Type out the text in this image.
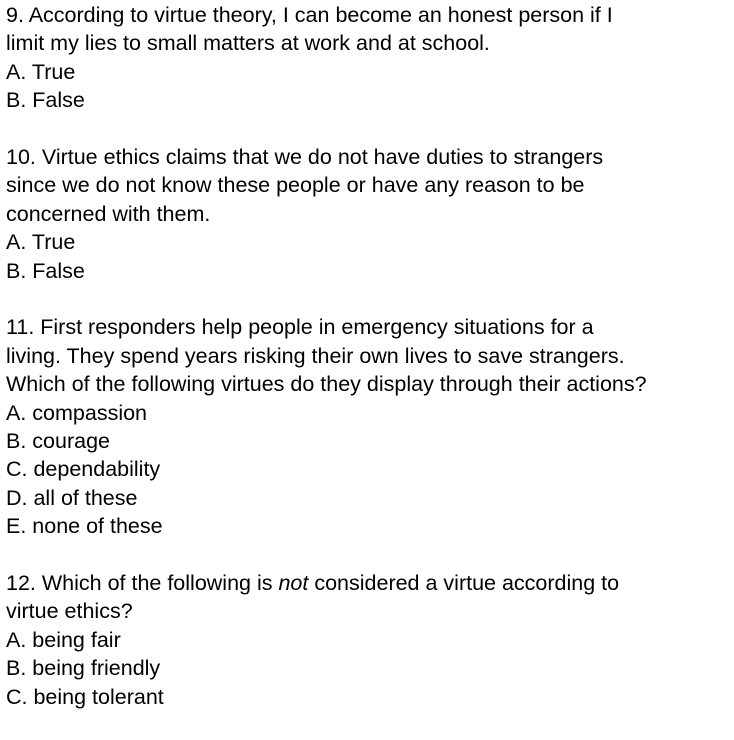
9. According to virtue theory, I can become an honest person if I
limit my lies to small matters at work and at school.
A. True
B. False
10. Virtue ethics claims that we do not have duties to strangers
since we do not know these people or have any reason to be
concerned with them.
A. True
B. False
11. First responders help people in emergency situations for a
living. They spend years risking their own lives to save strangers.
Which of the following virtues do they display through their actions?
A. compassion
B. courage
C. dependability
D. all of these
E. none of these
12. Which of the following is not considered a virtue according to
virtue ethics?
A. being fair
B. being friendly
C. being tolerant
